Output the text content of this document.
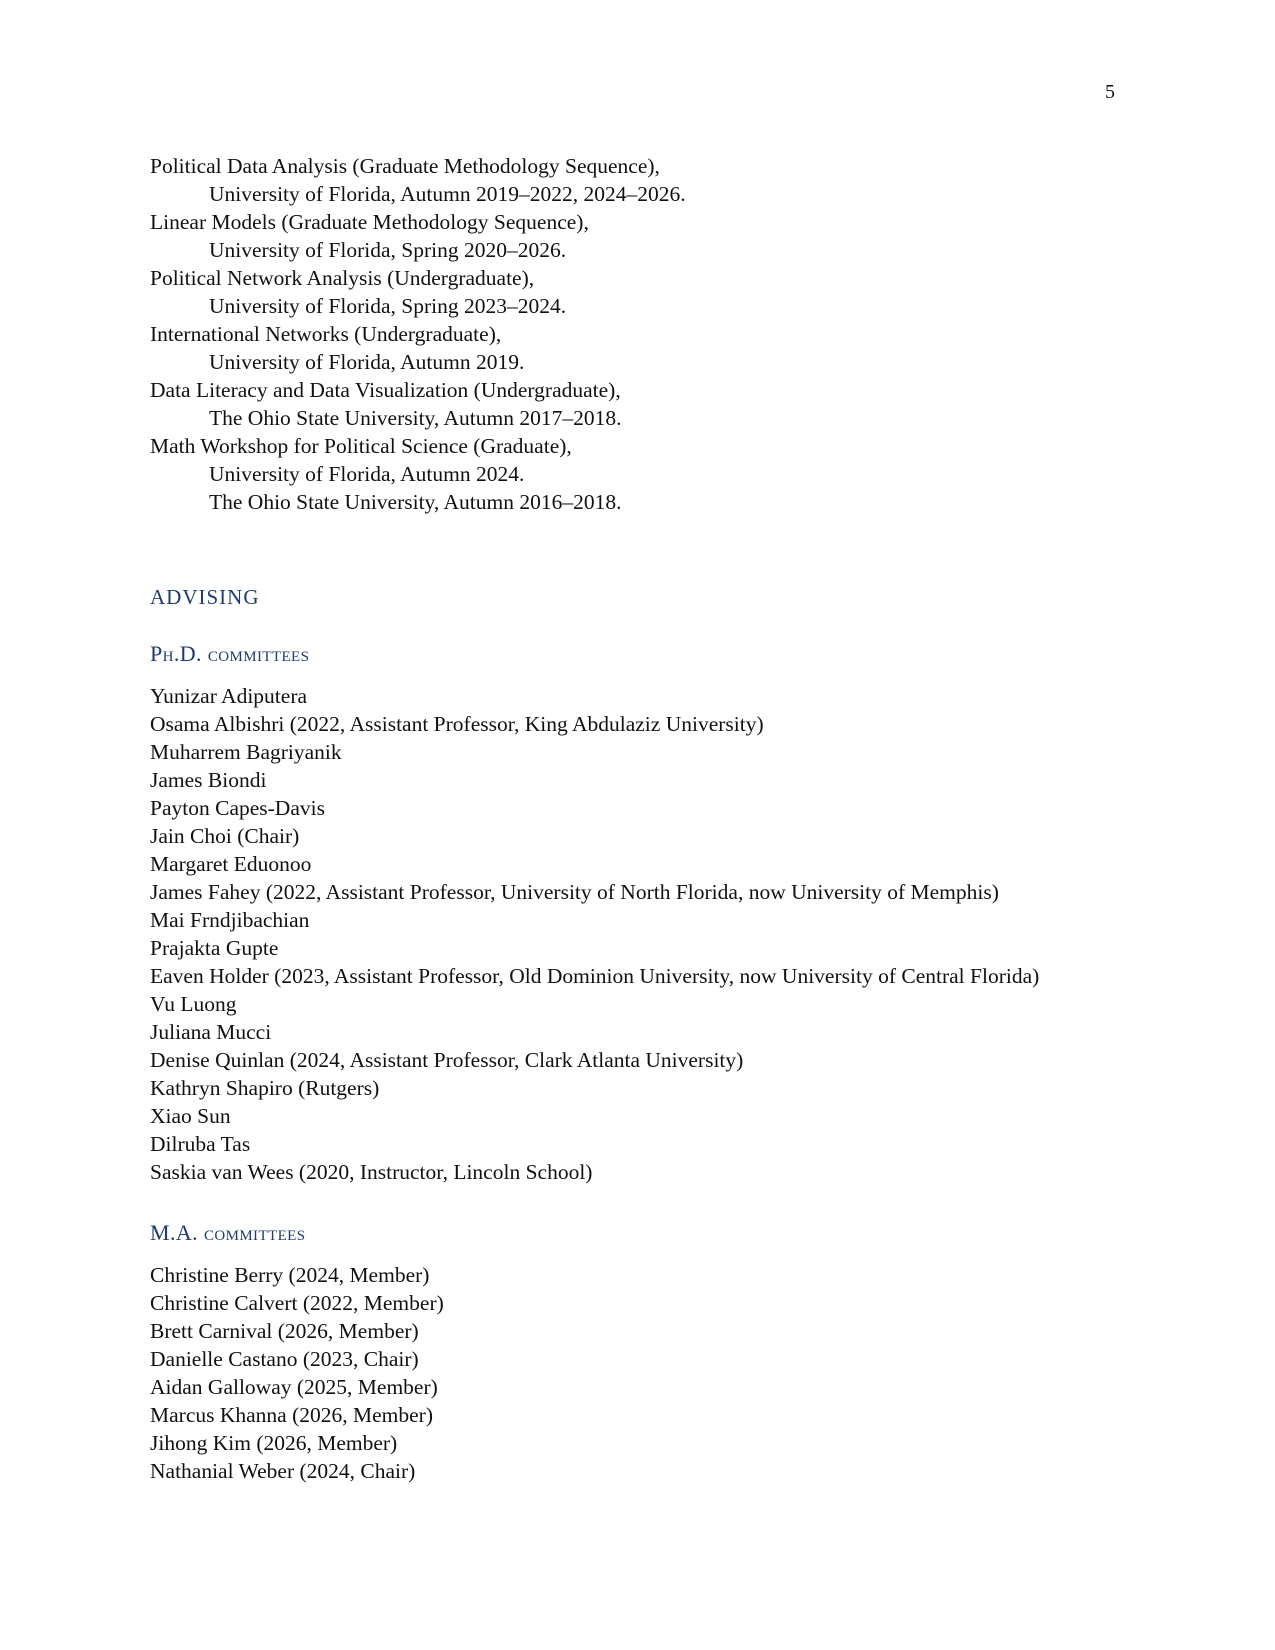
5

Political Data Analysis (Graduate Methodology Sequence),
University of Florida, Autumn 2019–2022, 2024–2026.

Linear Models (Graduate Methodology Sequence),
University of Florida, Spring 2020–2026.

Political Network Analysis (Undergraduate),
University of Florida, Spring 2023–2024.

International Networks (Undergraduate),
University of Florida, Autumn 2019.

Data Literacy and Data Visualization (Undergraduate),
The Ohio State University, Autumn 2017–2018.

Math Workshop for Political Science (Graduate),
University of Florida, Autumn 2024.
The Ohio State University, Autumn 2016–2018.

ADVISING
Ph.D. committees
Yunizar Adiputera
Osama Albishri (2022, Assistant Professor, King Abdulaziz University)
Muharrem Bagriyanik
James Biondi
Payton Capes-Davis
Jain Choi (Chair)
Margaret Eduonoo
James Fahey (2022, Assistant Professor, University of North Florida, now University of Memphis)
Mai Frndjibachian
Prajakta Gupte
Eaven Holder (2023, Assistant Professor, Old Dominion University, now University of Central Florida)
Vu Luong
Juliana Mucci
Denise Quinlan (2024, Assistant Professor, Clark Atlanta University)
Kathryn Shapiro (Rutgers)
Xiao Sun
Dilruba Tas
Saskia van Wees (2020, Instructor, Lincoln School)
M.A. committees
Christine Berry (2024, Member)
Christine Calvert (2022, Member)
Brett Carnival (2026, Member)
Danielle Castano (2023, Chair)
Aidan Galloway (2025, Member)
Marcus Khanna (2026, Member)
Jihong Kim (2026, Member)
Nathanial Weber (2024, Chair)
